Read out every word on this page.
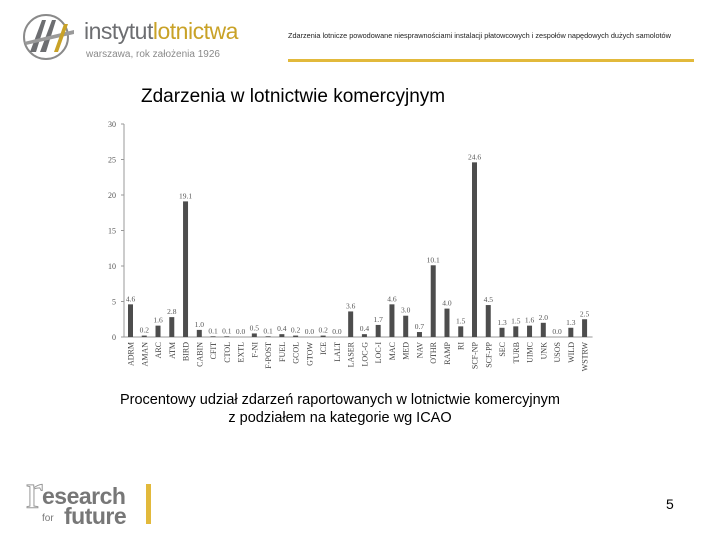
instytutlotnictwa
warszawa, rok założenia 1926
Zdarzenia lotnicze powodowane niesprawnościami instalacji płatowcowych i zespołów napędowych dużych samolotów
Zdarzenia w lotnictwie komercyjnym
0
5
10
15
20
25
30
4.6
0.2
1.6
2.8
19.1
1.0
0.1 0.1 0.0 0.5 0.1 0.4 0.2 0.0 0.2 0.0
3.6
0.4
1.7
4.6
3.0
0.7
10.1
4.0
1.5
24.6
4.5
1.3 1.5 1.6 2.0
0.0
1.3
2.5
ADRM AMAN ARC ATM BIRD CABIN CFIT CTOL EXTL F-NI F-POST FUEL GCOL GTOW ICE LALT LASER LOC-G LOC-I MAC MED NAV OTHR RAMP RI SCF-NP SCF-PP SEC TURB UIMC UNK USOS WILD WSTRW
Procentowy udział zdarzeń raportowanych w lotnictwie komercyjnym
z podziałem na kategorie wg ICAO
r esearch
for future	5
